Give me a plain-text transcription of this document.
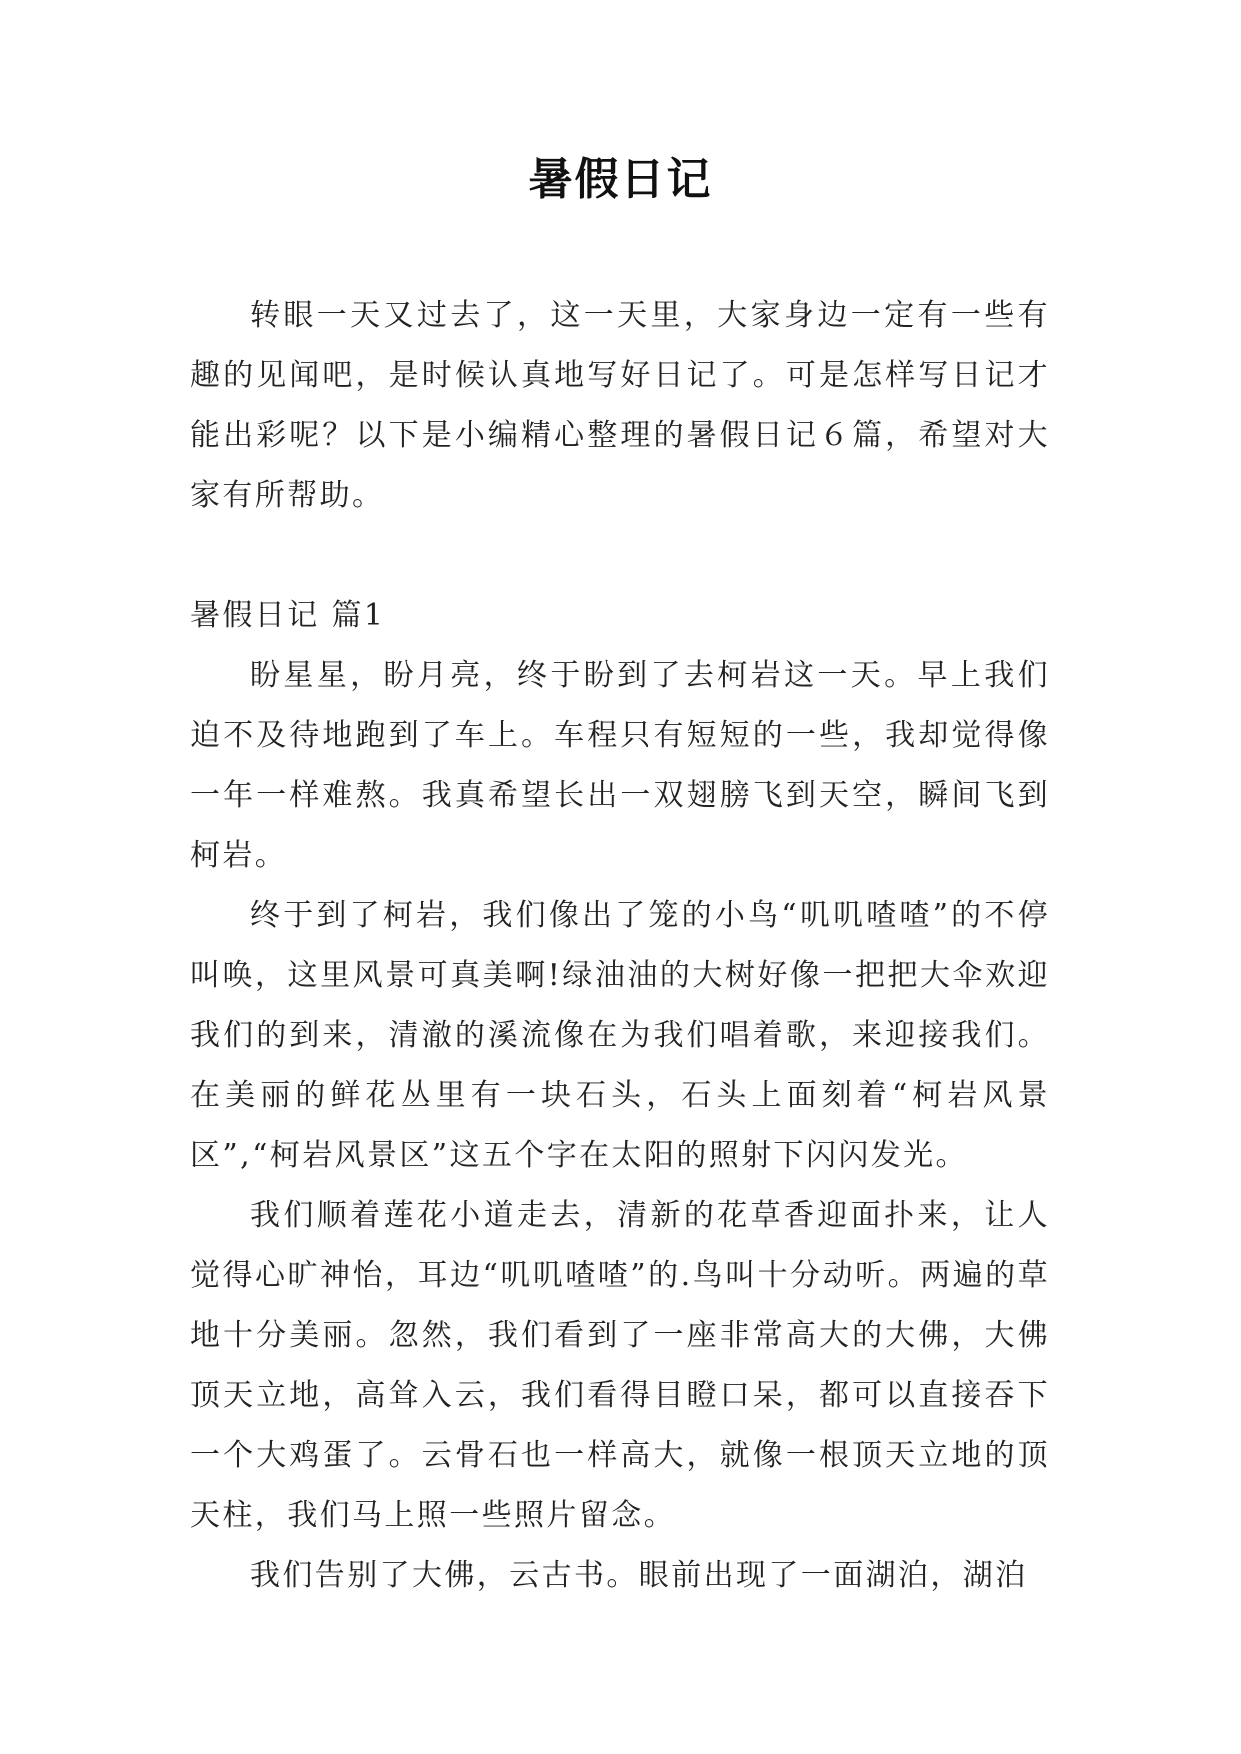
暑假日记

转眼一天又过去了，这一天里，大家身边一定有一些有趣的见闻吧，是时候认真地写好日记了。可是怎样写日记才能出彩呢？以下是小编精心整理的暑假日记６篇，希望对大家有所帮助。

暑假日记 篇1

盼星星，盼月亮，终于盼到了去柯岩这一天。早上我们迫不及待地跑到了车上。车程只有短短的一些，我却觉得像一年一样难熬。我真希望长出一双翅膀飞到天空，瞬间飞到柯岩。

终于到了柯岩，我们像出了笼的小鸟“叽叽喳喳”的不停叫唤，这里风景可真美啊!绿油油的大树好像一把把大伞欢迎我们的到来，清澈的溪流像在为我们唱着歌，来迎接我们。在美丽的鲜花丛里有一块石头，石头上面刻着“柯岩风景区”,“柯岩风景区”这五个字在太阳的照射下闪闪发光。

我们顺着莲花小道走去，清新的花草香迎面扑来，让人觉得心旷神怡，耳边“叽叽喳喳”的.鸟叫十分动听。两遍的草地十分美丽。忽然，我们看到了一座非常高大的大佛，大佛顶天立地，高耸入云，我们看得目瞪口呆，都可以直接吞下一个大鸡蛋了。云骨石也一样高大，就像一根顶天立地的顶天柱，我们马上照一些照片留念。

我们告别了大佛，云古书。眼前出现了一面湖泊，湖泊
